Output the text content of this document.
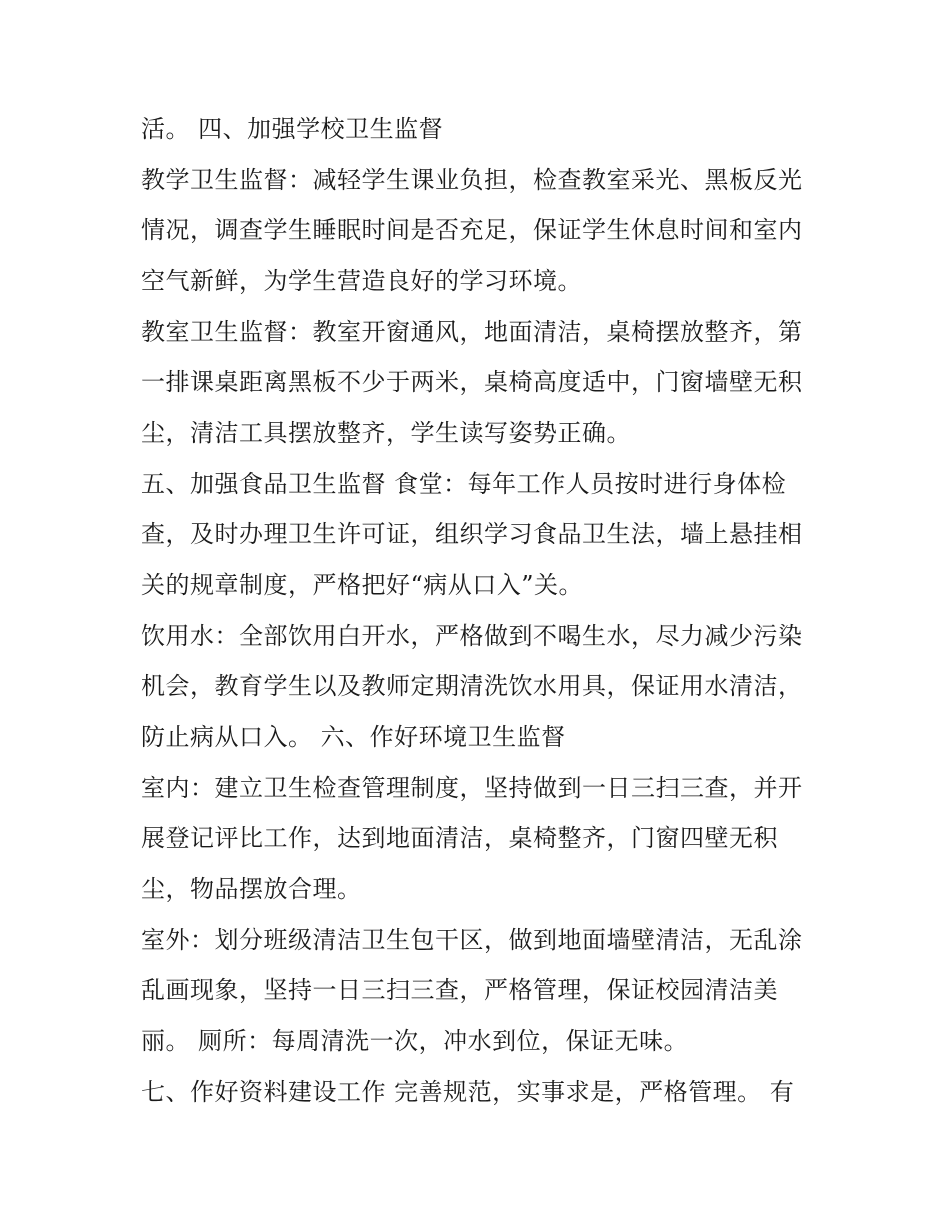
活。 四、加强学校卫生监督
教学卫生监督：减轻学生课业负担，检查教室采光、黑板反光
情况，调查学生睡眠时间是否充足，保证学生休息时间和室内
空气新鲜，为学生营造良好的学习环境。
教室卫生监督：教室开窗通风，地面清洁，桌椅摆放整齐，第
一排课桌距离黑板不少于两米，桌椅高度适中，门窗墙壁无积
尘，清洁工具摆放整齐，学生读写姿势正确。
五、加强食品卫生监督 食堂：每年工作人员按时进行身体检
查，及时办理卫生许可证，组织学习食品卫生法，墙上悬挂相
关的规章制度，严格把好“病从口入”关。
饮用水：全部饮用白开水，严格做到不喝生水，尽力减少污染
机会，教育学生以及教师定期清洗饮水用具，保证用水清洁，
防止病从口入。 六、作好环境卫生监督
室内：建立卫生检查管理制度，坚持做到一日三扫三查，并开
展登记评比工作，达到地面清洁，桌椅整齐，门窗四壁无积
尘，物品摆放合理。
室外：划分班级清洁卫生包干区，做到地面墙壁清洁，无乱涂
乱画现象，坚持一日三扫三查，严格管理，保证校园清洁美
丽。 厕所：每周清洗一次，冲水到位，保证无味。
七、作好资料建设工作 完善规范，实事求是，严格管理。 有
